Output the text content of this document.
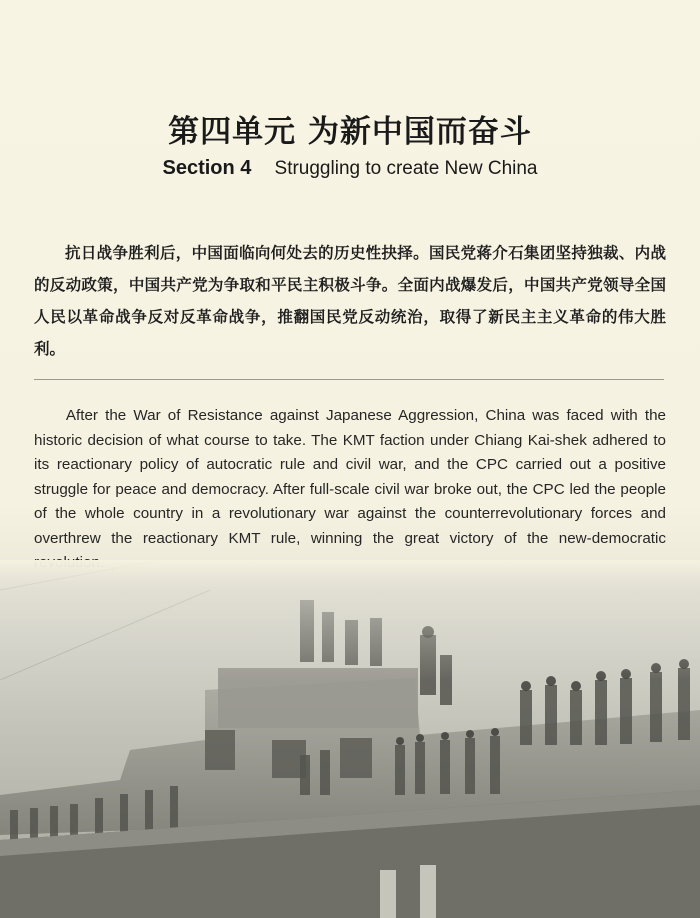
第四单元 为新中国而奋斗
Section 4 Struggling to create New China

抗日战争胜利后，中国面临向何处去的历史性抉择。国民党蒋介石集团坚持独裁、内战的反动政策，中国共产党为争取和平民主积极斗争。全面内战爆发后，中国共产党领导全国人民以革命战争反对反革命战争，推翻国民党反动统治，取得了新民主主义革命的伟大胜利。

After the War of Resistance against Japanese Aggression, China was faced with the historic decision of what course to take. The KMT faction under Chiang Kai-shek adhered to its reactionary policy of autocratic rule and civil war, and the CPC carried out a positive struggle for peace and democracy. After full-scale civil war broke out, the CPC led the people of the whole country in a revolutionary war against the counterrevolutionary forces and overthrew the reactionary KMT rule, winning the great victory of the new-democratic
